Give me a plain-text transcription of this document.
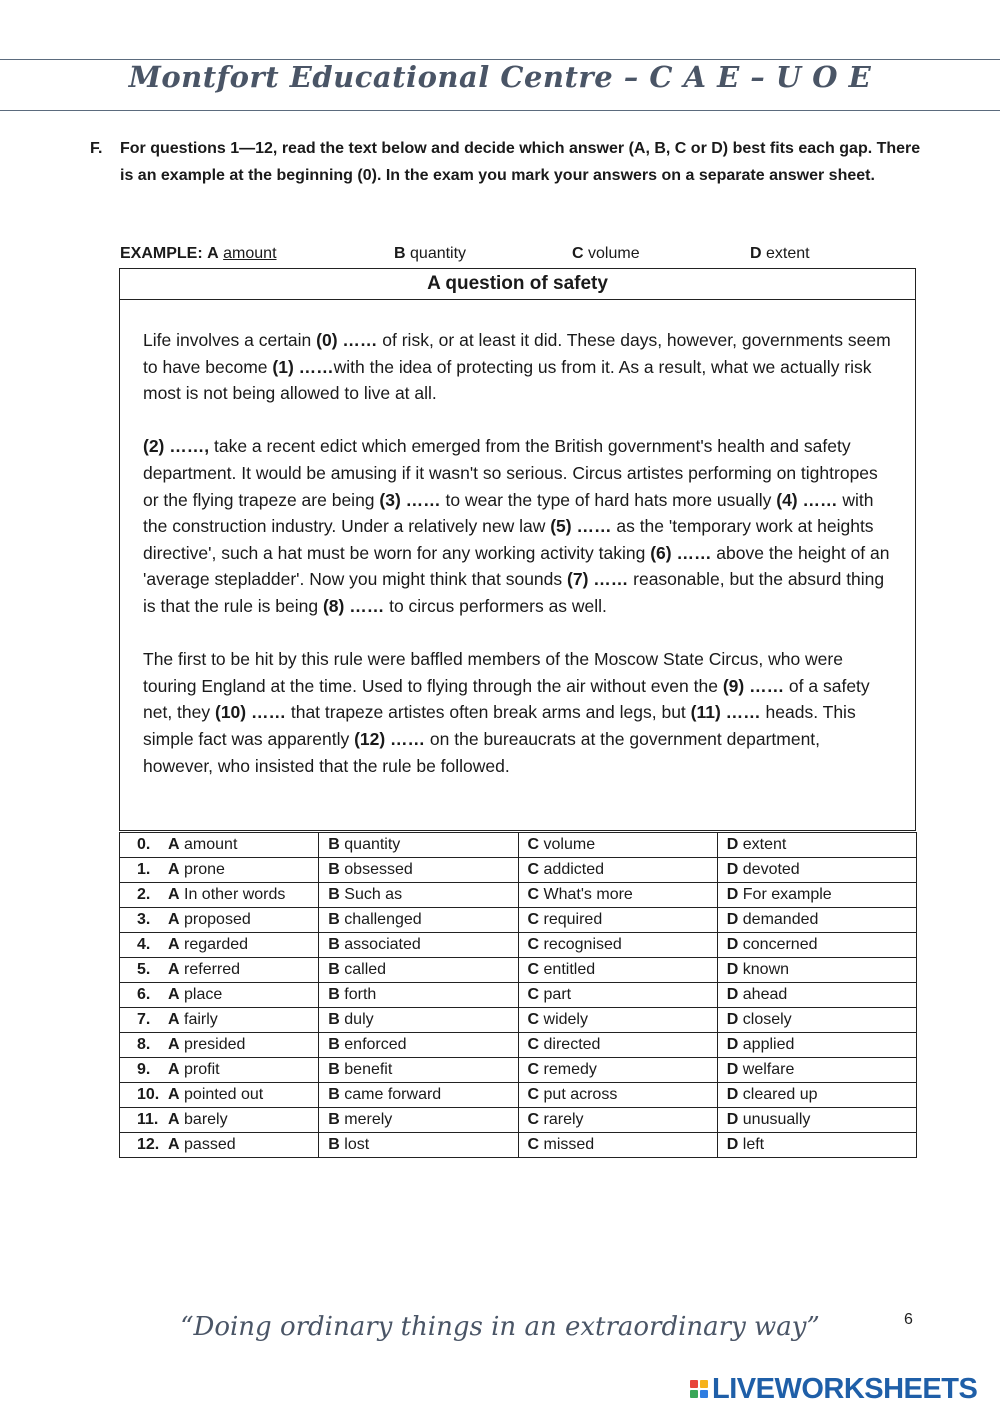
Montfort Educational Centre – C A E – U O E
F. For questions 1—12, read the text below and decide which answer (A, B, C or D) best fits each gap. There is an example at the beginning (0). In the exam you mark your answers on a separate answer sheet.
EXAMPLE: A amount	B quantity	C volume	D extent
A question of safety

Life involves a certain (0) …… of risk, or at least it did. These days, however, governments seem to have become (1) ……with the idea of protecting us from it. As a result, what we actually risk most is not being allowed to live at all.

(2) ……, take a recent edict which emerged from the British government's health and safety department. It would be amusing if it wasn't so serious. Circus artistes performing on tightropes or the flying trapeze are being (3) …… to wear the type of hard hats more usually (4) …… with the construction industry. Under a relatively new law (5) …… as the 'temporary work at heights directive', such a hat must be worn for any working activity taking (6) …… above the height of an 'average stepladder'. Now you might think that sounds (7) …… reasonable, but the absurd thing is that the rule is being (8) …… to circus performers as well.

The first to be hit by this rule were baffled members of the Moscow State Circus, who were touring England at the time. Used to flying through the air without even the (9) …… of a safety net, they (10) …… that trapeze artistes often break arms and legs, but (11) …… heads. This simple fact was apparently (12) …… on the bureaucrats at the government department, however, who insisted that the rule be followed.

0. A amount	B quantity	C volume	D extent
1. A prone	B obsessed	C addicted	D devoted
2. A In other words	B Such as	C What's more	D For example
3. A proposed	B challenged	C required	D demanded
4. A regarded	B associated	C recognised	D concerned
5. A referred	B called	C entitled	D known
6. A place	B forth	C part	D ahead
7. A fairly	B duly	C widely	D closely
8. A presided	B enforced	C directed	D applied
9. A profit	B benefit	C remedy	D welfare
10. A pointed out	B came forward	C put across	D cleared up
11. A barely	B merely	C rarely	D unusually
12. A passed	B lost	C missed	D left
“Doing ordinary things in an extraordinary way”	6
LIVEWORKSHEETS
